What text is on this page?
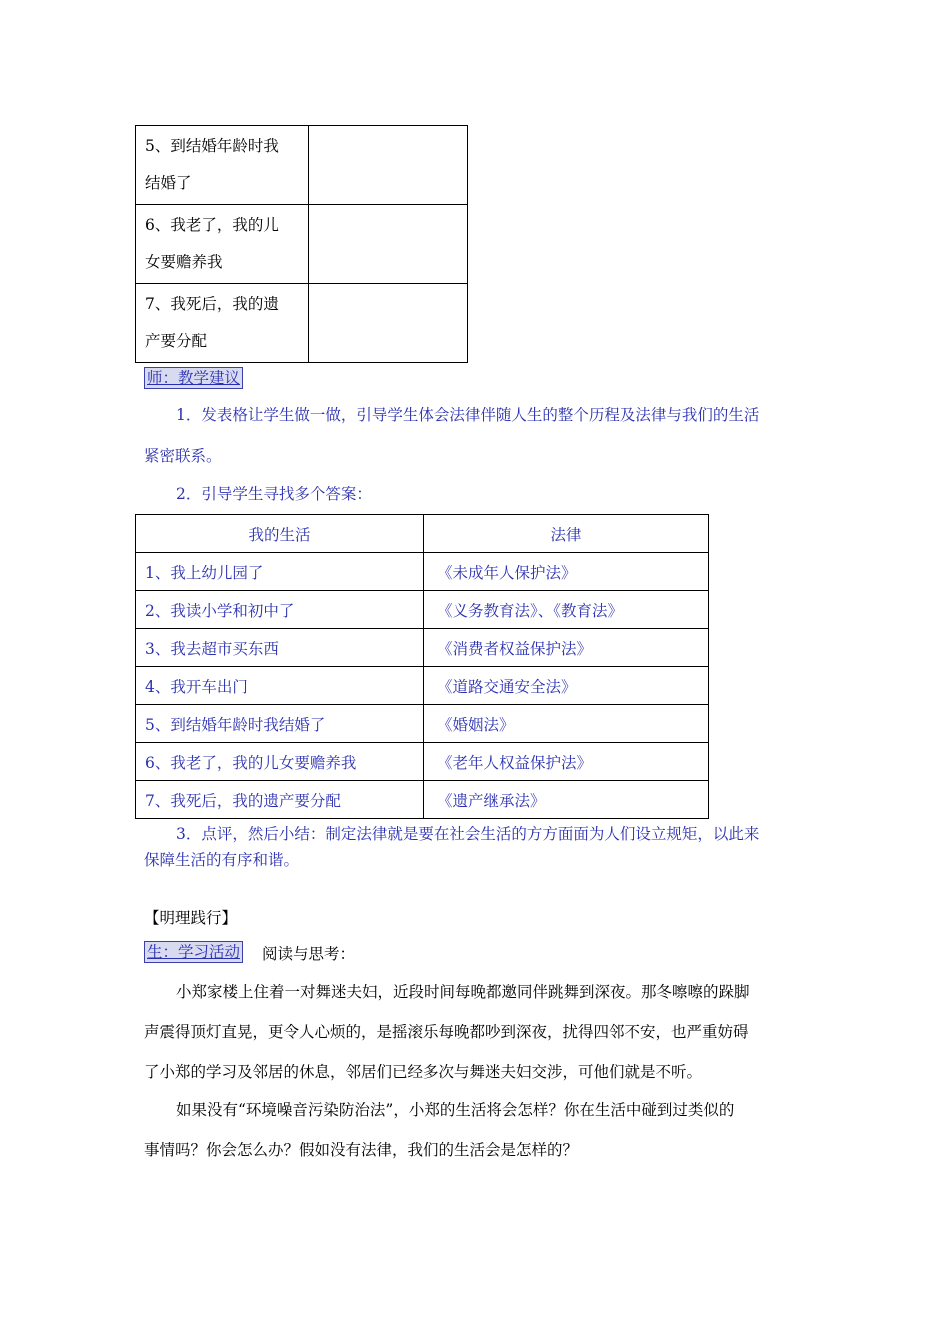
5、到结婚年龄时我
结婚了	

6、我老了，我的儿
女要赡养我	

7、我死后，我的遗
产要分配	

师：教学建议
1．发表格让学生做一做，引导学生体会法律伴随人生的整个历程及法律与我们的生活
紧密联系。
2．引导学生寻找多个答案：
我的生活	法律
1、我上幼儿园了	《未成年人保护法》
2、我读小学和初中了	《义务教育法》、《教育法》
3、我去超市买东西	《消费者权益保护法》
4、我开车出门	《道路交通安全法》
5、到结婚年龄时我结婚了	《婚姻法》
6、我老了，我的儿女要赡养我	《老年人权益保护法》
7、我死后，我的遗产要分配	《遗产继承法》
3．点评，然后小结：制定法律就是要在社会生活的方方面面为人们设立规矩，以此来
保障生活的有序和谐。
【明理践行】
生：学习活动 阅读与思考：
小郑家楼上住着一对舞迷夫妇，近段时间每晚都邀同伴跳舞到深夜。那冬嚓嚓的跺脚
声震得顶灯直晃，更令人心烦的，是摇滚乐每晚都吵到深夜，扰得四邻不安，也严重妨碍
了小郑的学习及邻居的休息，邻居们已经多次与舞迷夫妇交涉，可他们就是不听。
如果没有“环境噪音污染防治法”，小郑的生活将会怎样？你在生活中碰到过类似的
事情吗？你会怎么办？假如没有法律，我们的生活会是怎样的？
